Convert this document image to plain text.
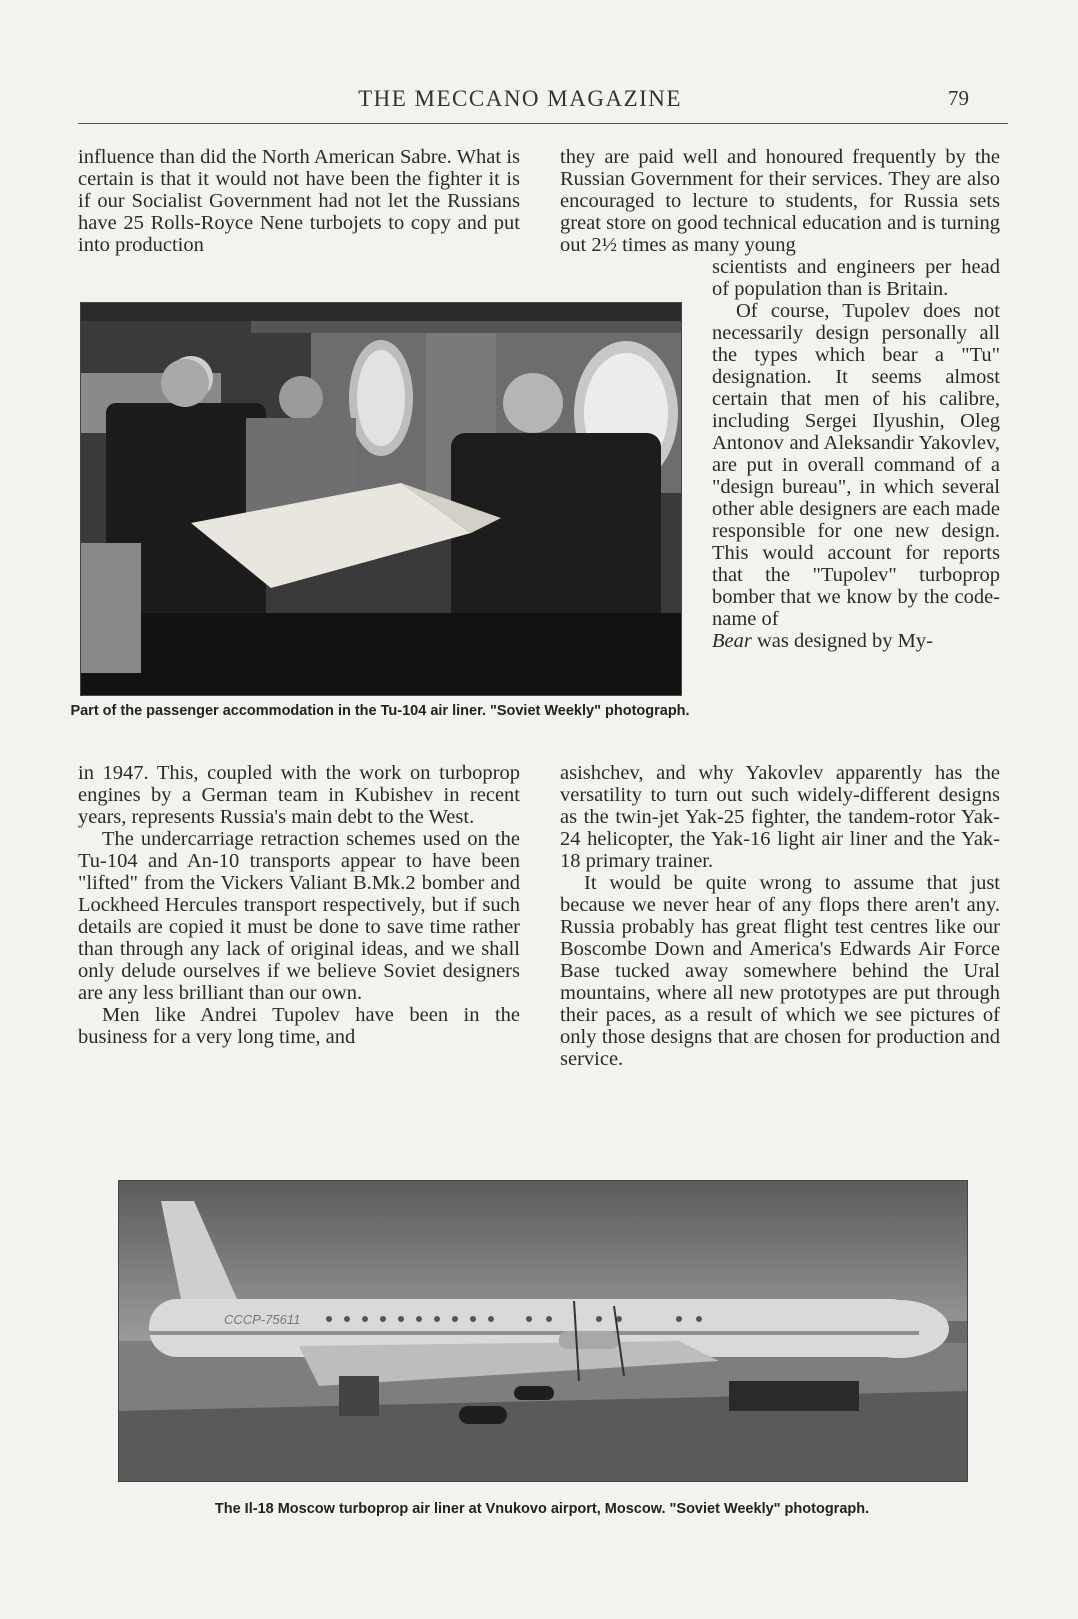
THE MECCANO MAGAZINE	79

influence than did the North American Sabre. What is certain is that it would not have been the fighter it is if our Socialist Government had not let the Russians have 25 Rolls-Royce Nene turbojets to copy and put into production

they are paid well and honoured frequently by the Russian Government for their services. They are also encouraged to lecture to students, for Russia sets great store on good technical education and is turning out 2½ times as many young

Part of the passenger accommodation in the Tu-104 air liner. "Soviet Weekly" photograph.

scientists and engineers per head of population than is Britain.

Of course, Tupolev does not necessarily design personally all the types which bear a "Tu" designation. It seems almost certain that men of his calibre, including Sergei Ilyushin, Oleg Antonov and Aleksandir Yakovlev, are put in overall command of a "design bureau", in which several other able designers are each made responsible for one new design. This would account for reports that the "Tupolev" turboprop bomber that we know by the code-name of

Bear was designed by My-

in 1947. This, coupled with the work on turboprop engines by a German team in Kubishev in recent years, represents Russia's main debt to the West.

The undercarriage retraction schemes used on the Tu-104 and An-10 transports appear to have been "lifted" from the Vickers Valiant B.Mk.2 bomber and Lockheed Hercules transport respectively, but if such details are copied it must be done to save time rather than through any lack of original ideas, and we shall only delude ourselves if we believe Soviet designers are any less brilliant than our own.

Men like Andrei Tupolev have been in the business for a very long time, and

asishchev, and why Yakovlev apparently has the versatility to turn out such widely-different designs as the twin-jet Yak-25 fighter, the tandem-rotor Yak-24 helicopter, the Yak-16 light air liner and the Yak-18 primary trainer.

It would be quite wrong to assume that just because we never hear of any flops there aren't any. Russia probably has great flight test centres like our Boscombe Down and America's Edwards Air Force Base tucked away somewhere behind the Ural mountains, where all new prototypes are put through their paces, as a result of which we see pictures of only those designs that are chosen for production and service.

CCCP-75611
The Il-18 Moscow turboprop air liner at Vnukovo airport, Moscow. "Soviet Weekly" photograph.
